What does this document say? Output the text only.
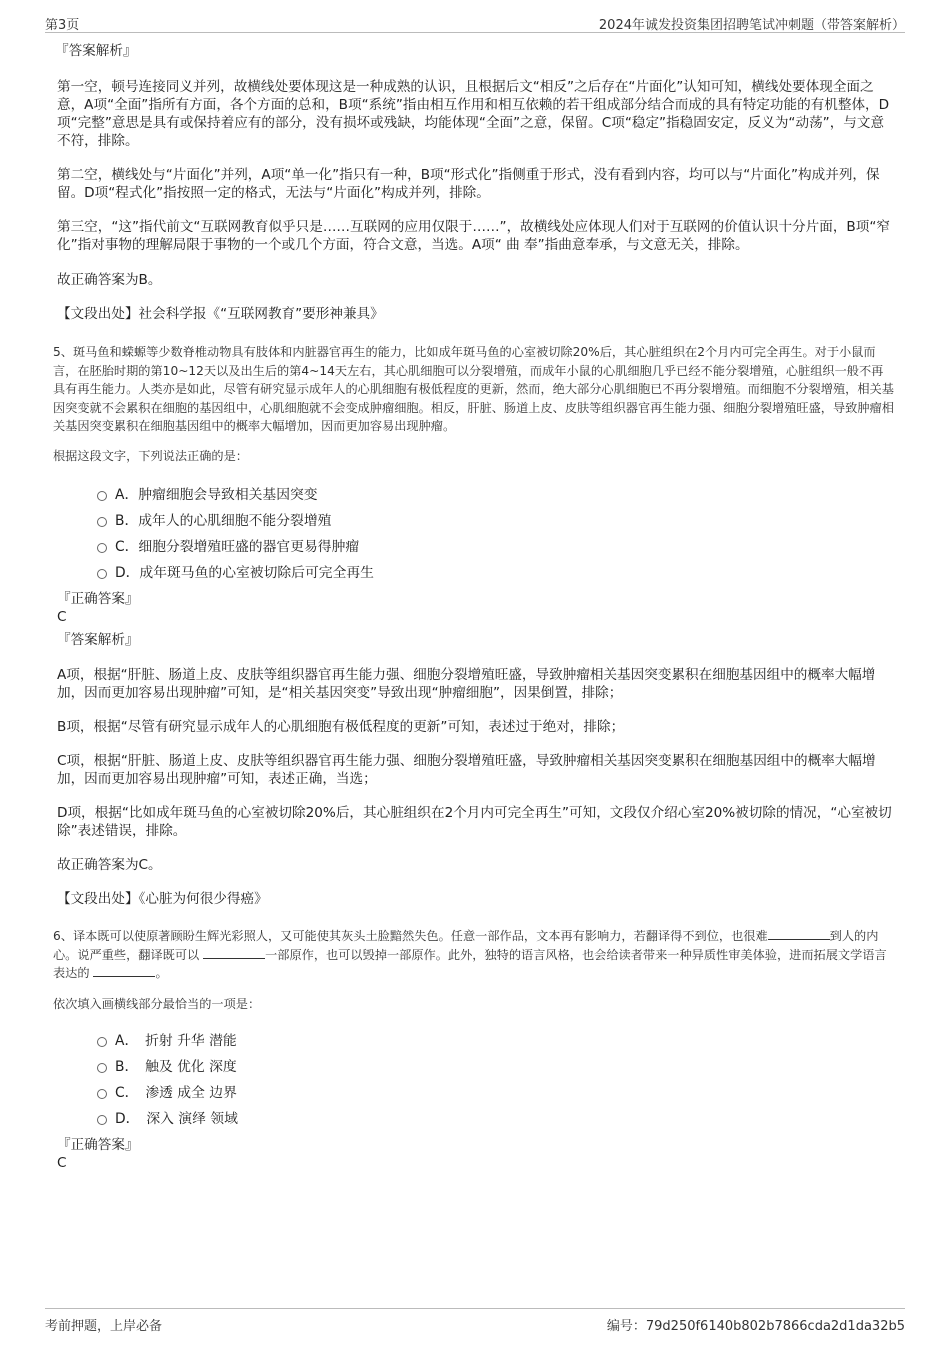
第3页	2024年诚发投资集团招聘笔试冲刺题（带答案解析）

『答案解析』

第一空，顿号连接同义并列，故横线处要体现这是一种成熟的认识，且根据后文“相反”之后存在“片面化”认知可知，横线处要体现全面之意，A项“全面”指所有方面，各个方面的总和，B项“系统”指由相互作用和相互依赖的若干组成部分结合而成的具有特定功能的有机整体，D项“完整”意思是具有或保持着应有的部分，没有损坏或残缺，均能体现“全面”之意，保留。C项“稳定”指稳固安定，反义为“动荡”，与文意不符，排除。

第二空，横线处与“片面化”并列，A项“单一化”指只有一种，B项“形式化”指侧重于形式，没有看到内容，均可以与“片面化”构成并列，保留。D项“程式化”指按照一定的格式，无法与“片面化”构成并列，排除。

第三空，“这”指代前文“互联网教育似乎只是……互联网的应用仅限于……”，故横线处应体现人们对于互联网的价值认识十分片面，B项“窄化”指对事物的理解局限于事物的一个或几个方面，符合文意，当选。A项“ 曲 奉”指曲意奉承，与文意无关，排除。

故正确答案为B。

【文段出处】社会科学报《“互联网教育”要形神兼具》

5、斑马鱼和蝾螈等少数脊椎动物具有肢体和内脏器官再生的能力，比如成年斑马鱼的心室被切除20%后，其心脏组织在2个月内可完全再生。对于小鼠而言，在胚胎时期的第10~12天以及出生后的第4~14天左右，其心肌细胞可以分裂增殖，而成年小鼠的心肌细胞几乎已经不能分裂增殖，心脏组织一般不再具有再生能力。人类亦是如此，尽管有研究显示成年人的心肌细胞有极低程度的更新，然而，绝大部分心肌细胞已不再分裂增殖。而细胞不分裂增殖，相关基因突变就不会累积在细胞的基因组中，心肌细胞就不会变成肿瘤细胞。相反，肝脏、肠道上皮、皮肤等组织器官再生能力强、细胞分裂增殖旺盛，导致肿瘤相关基因突变累积在细胞基因组中的概率大幅增加，因而更加容易出现肿瘤。

根据这段文字，下列说法正确的是：

A．肿瘤细胞会导致相关基因突变
B．成年人的心肌细胞不能分裂增殖
C．细胞分裂增殖旺盛的器官更易得肿瘤
D．成年斑马鱼的心室被切除后可完全再生

『正确答案』

C

『答案解析』

A项，根据“肝脏、肠道上皮、皮肤等组织器官再生能力强、细胞分裂增殖旺盛，导致肿瘤相关基因突变累积在细胞基因组中的概率大幅增加，因而更加容易出现肿瘤”可知，是“相关基因突变”导致出现“肿瘤细胞”，因果倒置，排除；

B项，根据“尽管有研究显示成年人的心肌细胞有极低程度的更新”可知，表述过于绝对，排除；

C项，根据“肝脏、肠道上皮、皮肤等组织器官再生能力强、细胞分裂增殖旺盛，导致肿瘤相关基因突变累积在细胞基因组中的概率大幅增加，因而更加容易出现肿瘤”可知，表述正确，当选；

D项，根据“比如成年斑马鱼的心室被切除20%后，其心脏组织在2个月内可完全再生”可知，文段仅介绍心室20%被切除的情况，“心室被切除”表述错误，排除。

故正确答案为C。

【文段出处】《心脏为何很少得癌》

6、译本既可以使原著顾盼生辉光彩照人，又可能使其灰头土脸黯然失色。任意一部作品，文本再有影响力，若翻译得不到位，也很难	到人的内心。说严重些，翻译既可以	一部原作，也可以毁掉一部原作。此外，独特的语言风格，也会给读者带来一种异质性审美体验，进而拓展文学语言表达的	。

依次填入画横线部分最恰当的一项是：

A．　折射 升华 潜能
B．　触及 优化 深度
C．　渗透 成全 边界
D．　深入 演绎 领域

『正确答案』

C

考前押题，上岸必备	编号：79d250f6140b802b7866cda2d1da32b5
